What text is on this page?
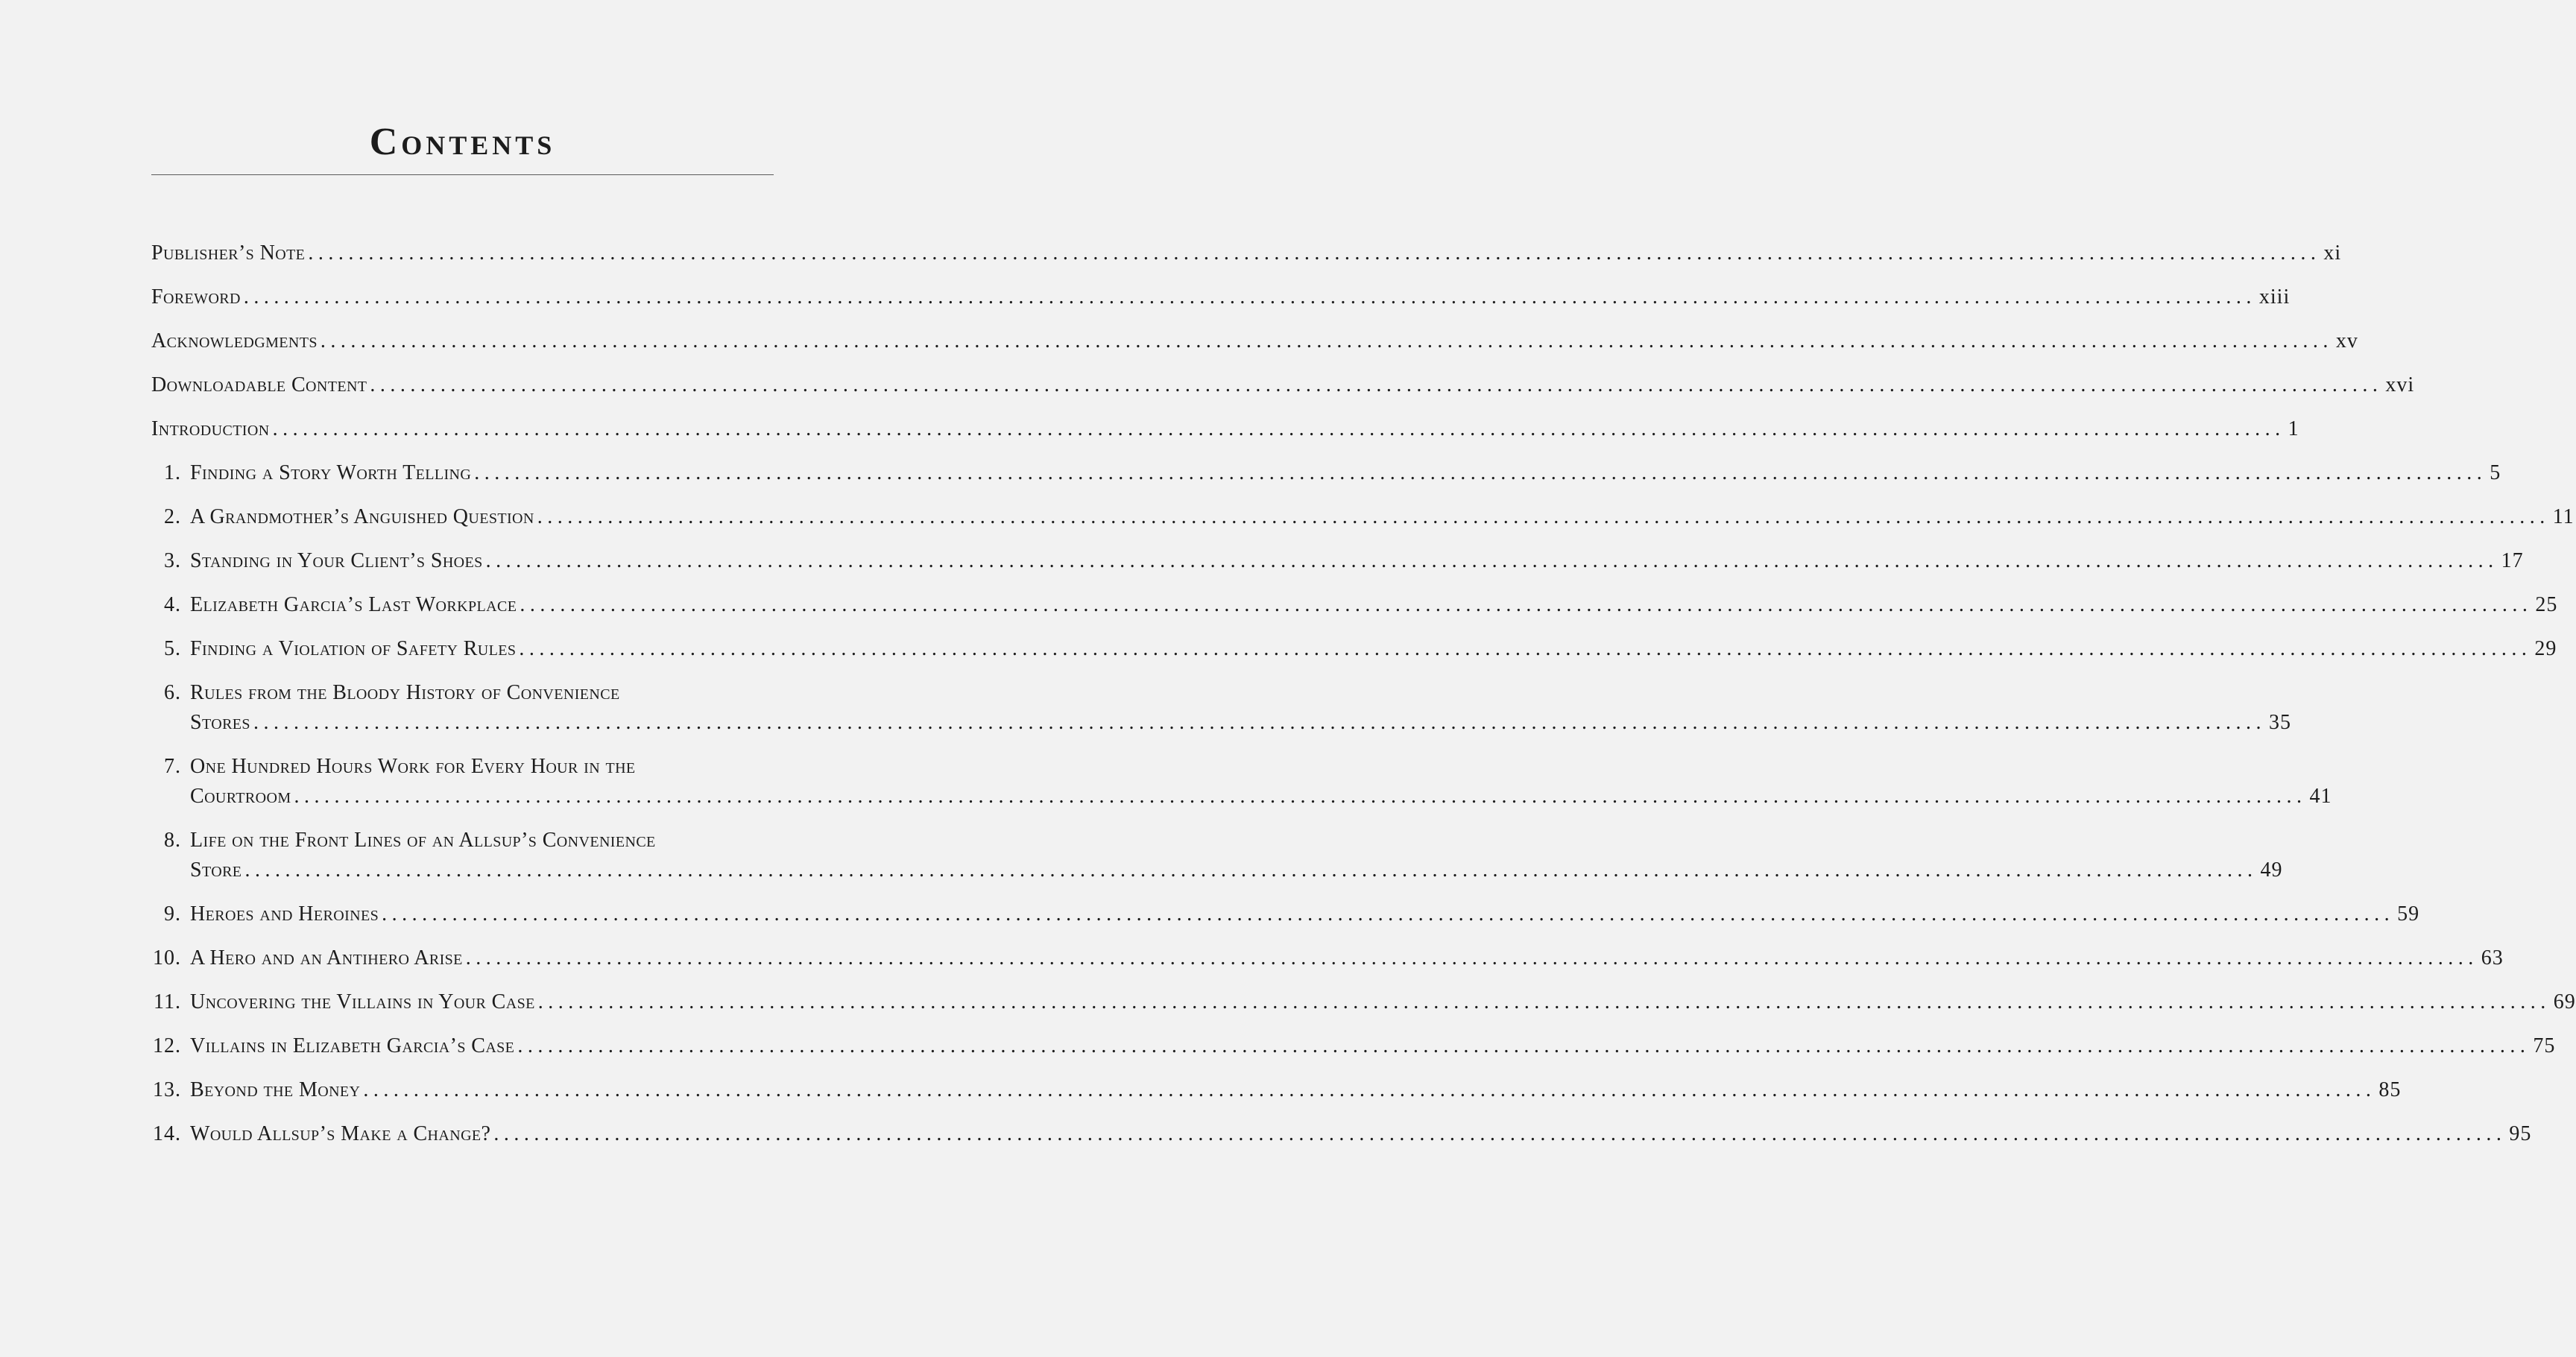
Contents
Publisher’s Note ........................................................................................................................................................................................................ xi
Foreword ........................................................................................................................................................................................................ xiii
Acknowledgments ........................................................................................................................................................................................................ xv
Downloadable Content ........................................................................................................................................................................................................ xvi
Introduction ........................................................................................................................................................................................................ 1
1. Finding a Story Worth Telling ........................................................................................................................................................................................................ 5
2. A Grandmother’s Anguished Question ........................................................................................................................................................................................................ 11
3. Standing in Your Client’s Shoes ........................................................................................................................................................................................................ 17
4. Elizabeth Garcia’s Last Workplace ........................................................................................................................................................................................................ 25
5. Finding a Violation of Safety Rules ........................................................................................................................................................................................................ 29
6. Rules from the Bloody History of Convenience
Stores ........................................................................................................................................................................................................ 35
7. One Hundred Hours Work for Every Hour in the
Courtroom ........................................................................................................................................................................................................ 41
8. Life on the Front Lines of an Allsup’s Convenience
Store ........................................................................................................................................................................................................ 49
9. Heroes and Heroines ........................................................................................................................................................................................................ 59
10. A Hero and an Antihero Arise ........................................................................................................................................................................................................ 63
11. Uncovering the Villains in Your Case ........................................................................................................................................................................................................ 69
12. Villains in Elizabeth Garcia’s Case ........................................................................................................................................................................................................ 75
13. Beyond the Money ........................................................................................................................................................................................................ 85
14. Would Allsup’s Make a Change? ........................................................................................................................................................................................................ 95
